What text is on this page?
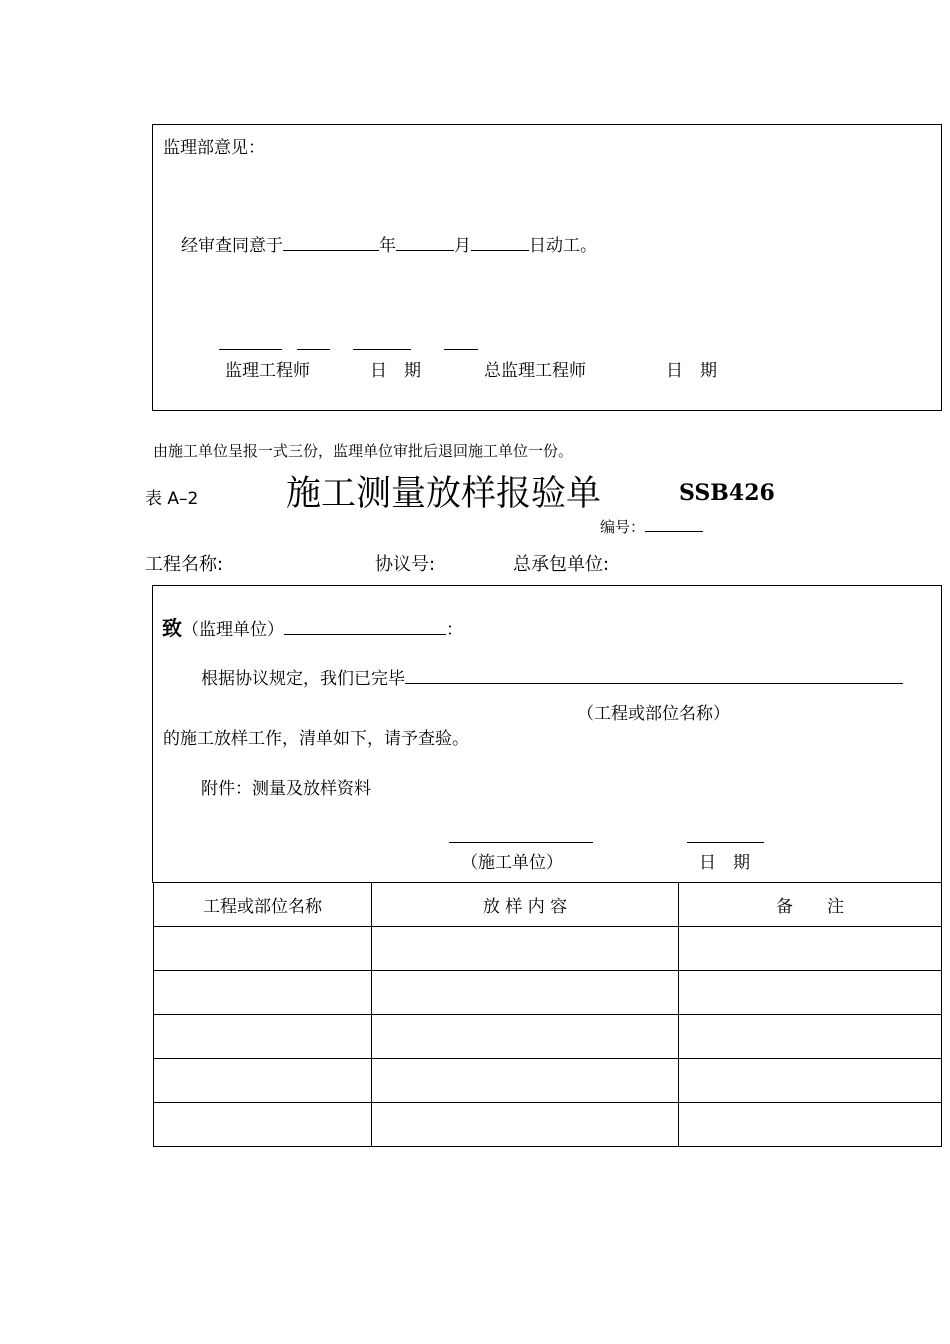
监理部意见：
经审查同意于	年	月	日动工。
监理工程师	日　期	总监理工程师	日　期
由施工单位呈报一式三份，监理单位审批后退回施工单位一份。
表 A–2	施工测量放样报验单	SSB426
编号：
工程名称:	协议号:	总承包单位:
致（监理单位）	：
根据协议规定，我们已完毕
（工程或部位名称）
的施工放样工作，清单如下，请予查验。
附件：测量及放样资料
（施工单位）	日　期
工程或部位名称	放 样 内 容	备　　注
